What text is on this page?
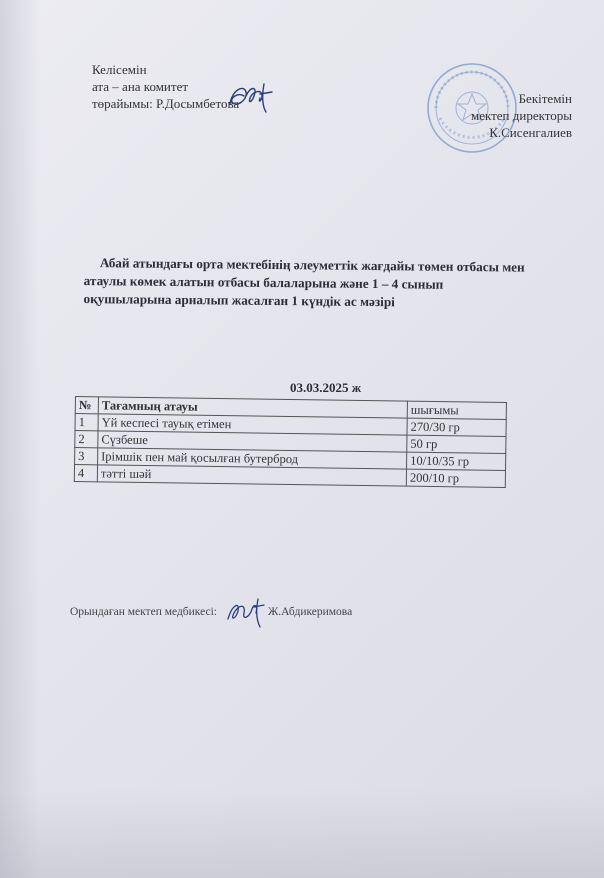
Келісемін
ата – ана комитет
төрайымы: Р.Досымбетова	Бекітемін
мектеп директоры
К.Сисенгалиев
Абай атындағы орта мектебінің әлеуметтік жағдайы төмен отбасы мен
атаулы көмек алатын отбасы балаларына және 1 – 4 сынып
оқушыларына арналып жасалған 1 күндік ас мәзірі
03.03.2025 ж
№	Тағамның атауы	шығымы
1	Үй кеспесі тауық етімен	270/30 гр
2	Сүзбеше	50 гр
3	Ірімшік пен май қосылған бутерброд	10/10/35 гр
4	тәтті шәй	200/10 гр
Орындаған мектеп медбикесі:	Ж.Абдикеримова
